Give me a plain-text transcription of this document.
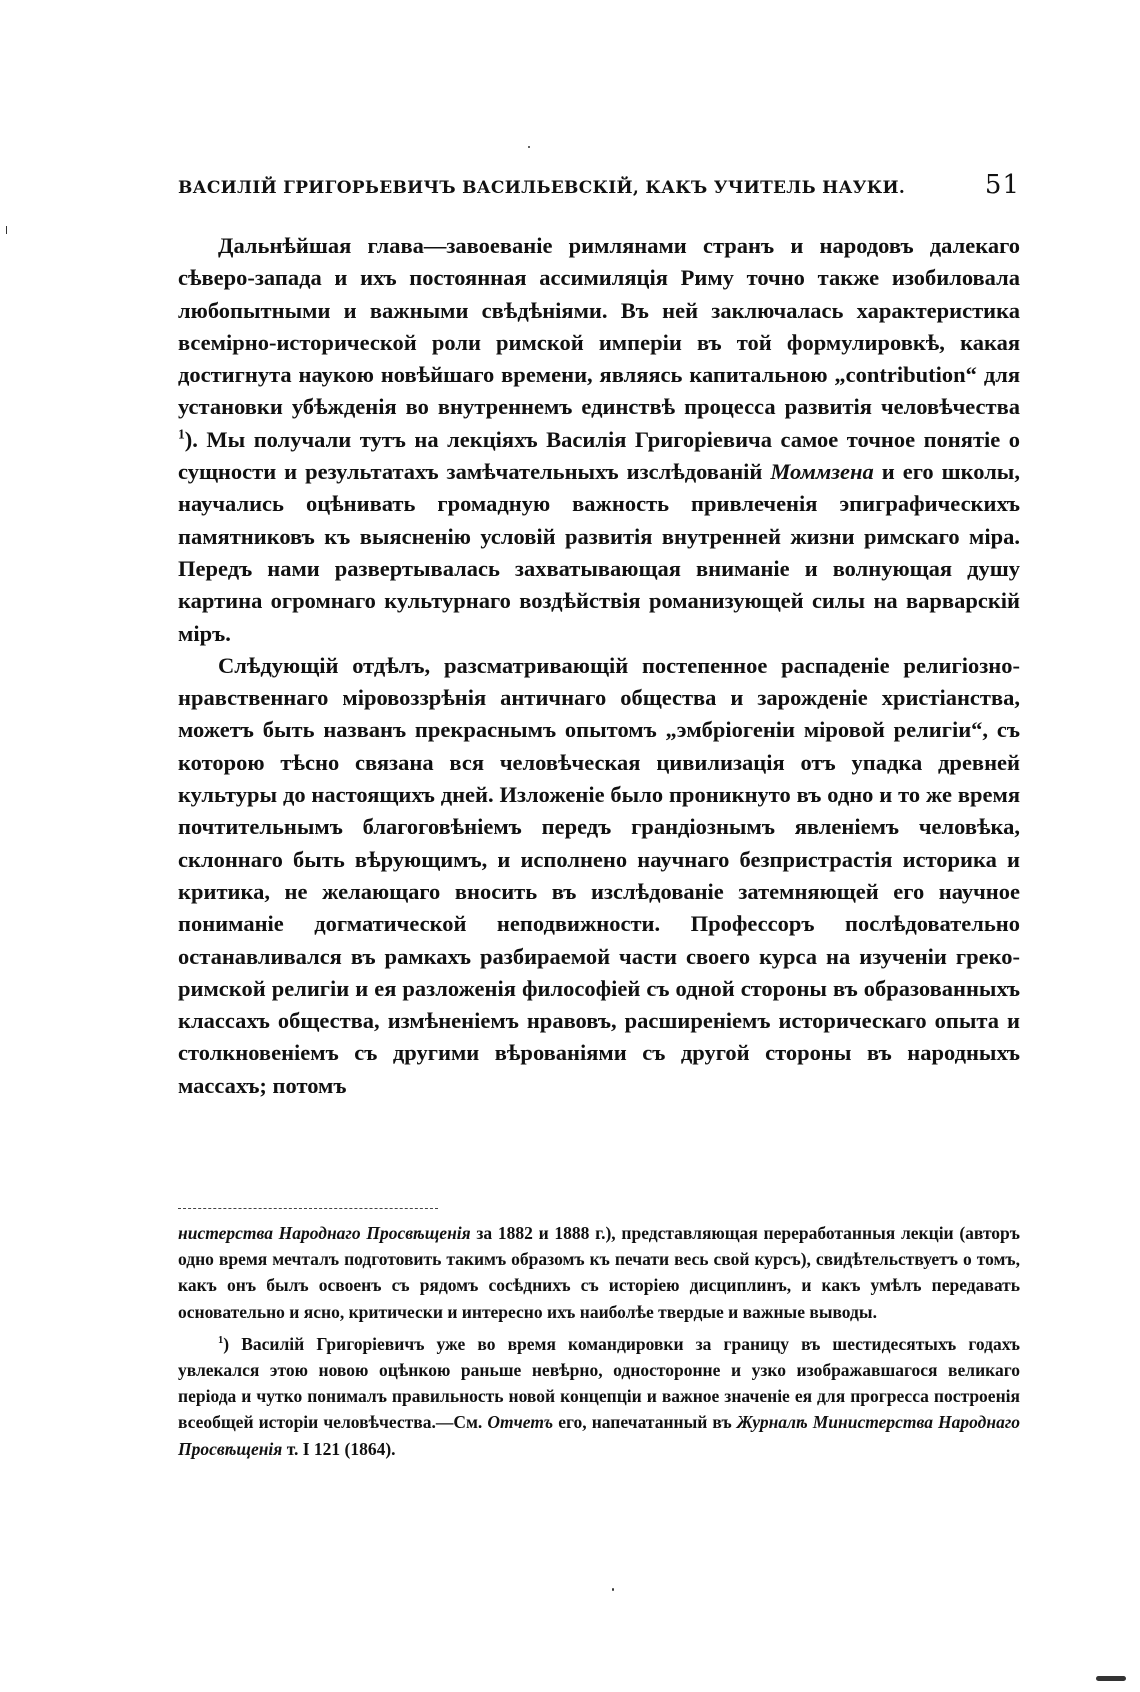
ВАСИЛІЙ ГРИГОРЬЕВИЧЪ ВАСИЛЬЕВСКІЙ, КАКЪ УЧИТЕЛЬ НАУКИ.	51

Дальнѣйшая глава—завоеваніе римлянами странъ и народовъ далекаго сѣверо-запада и ихъ постоянная ассимиляція Риму точно также изобиловала любопытными и важными свѣдѣніями. Въ ней заключалась характеристика всемірно-исторической роли римской имперіи въ той формулировкѣ, какая достигнута наукою новѣйшаго времени, являясь капитальною „contribution“ для установки убѣжденія во внутреннемъ единствѣ процесса развитія человѣчества $^1$). Мы получали тутъ на лекціяхъ Василія Григоріевича самое точное понятіе о сущности и результатахъ замѣчательныхъ изслѣдованій Моммзена и его школы, научались оцѣнивать громадную важность привлеченія эпиграфическихъ памятниковъ къ выясненію условій развитія внутренней жизни римскаго міра. Передъ нами развертывалась захватывающая вниманіе и волнующая душу картина огромнаго культурнаго воздѣйствія романизующей силы на варварскій міръ.

Слѣдующій отдѣлъ, разсматривающій постепенное распаденіе религіозно-нравственнаго міровоззрѣнія античнаго общества и зарожденіе христіанства, можетъ быть названъ прекраснымъ опытомъ „эмбріогеніи міровой религіи“, съ которою тѣсно связана вся человѣческая цивилизація отъ упадка древней культуры до настоящихъ дней. Изложеніе было проникнуто въ одно и то же время почтительнымъ благоговѣніемъ передъ грандіознымъ явленіемъ человѣка, склоннаго быть вѣрующимъ, и исполнено научнаго безпристрастія историка и критика, не желающаго вносить въ изслѣдованіе затемняющей его научное пониманіе догматической неподвижности. Профессоръ послѣдовательно останавливался въ рамкахъ разбираемой части своего курса на изученіи греко-римской религіи и ея разложенія философіей съ одной стороны въ образованныхъ классахъ общества, измѣненіемъ нравовъ, расширеніемъ историческаго опыта и столкновеніемъ съ другими вѣрованіями съ другой стороны въ народныхъ массахъ; потомъ

нистерства Народнаго Просвѣщенія за 1882 и 1888 г.), представляющая переработанныя лекціи (авторъ одно время мечталъ подготовить такимъ образомъ къ печати весь свой курсъ), свидѣтельствуетъ о томъ, какъ онъ былъ освоенъ съ рядомъ сосѣднихъ съ исторіею дисциплинъ, и какъ умѣлъ передавать основательно и ясно, критически и интересно ихъ наиболѣе твердые и важные выводы.

$^1$) Василій Григоріевичъ уже во время командировки за границу въ шестидесятыхъ годахъ увлекался этою новою оцѣнкою раньше невѣрно, односторонне и узко изображавшагося великаго періода и чутко понималъ правильность новой концепціи и важное значеніе ея для прогресса построенія всеобщей исторіи человѣчества.—См. Отчетъ его, напечатанный въ Журналѣ Министерства Народнаго Просвѣщенія т. I 121 (1864).
